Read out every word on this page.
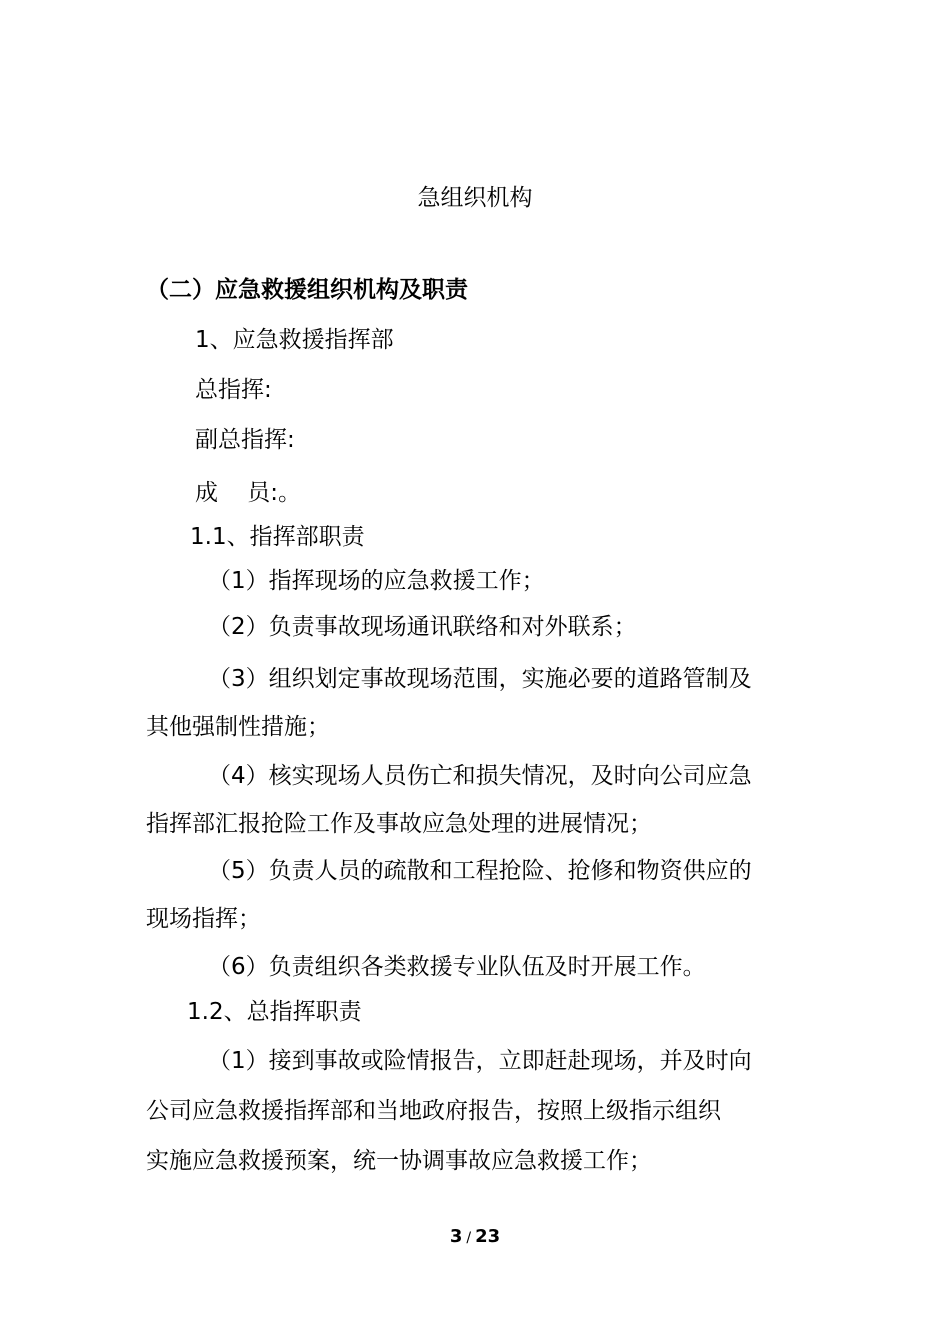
急组织机构

（二）应急救援组织机构及职责

1、应急救援指挥部

总指挥:

副总指挥:

成    员:。

1.1、指挥部职责

（1）指挥现场的应急救援工作；

（2）负责事故现场通讯联络和对外联系；

（3）组织划定事故现场范围，实施必要的道路管制及

其他强制性措施；

（4）核实现场人员伤亡和损失情况，及时向公司应急

指挥部汇报抢险工作及事故应急处理的进展情况；

（5）负责人员的疏散和工程抢险、抢修和物资供应的

现场指挥；

（6）负责组织各类救援专业队伍及时开展工作。

1.2、总指挥职责

（1）接到事故或险情报告，立即赶赴现场，并及时向

公司应急救援指挥部和当地政府报告，按照上级指示组织

实施应急救援预案，统一协调事故应急救援工作；

3 / 23
